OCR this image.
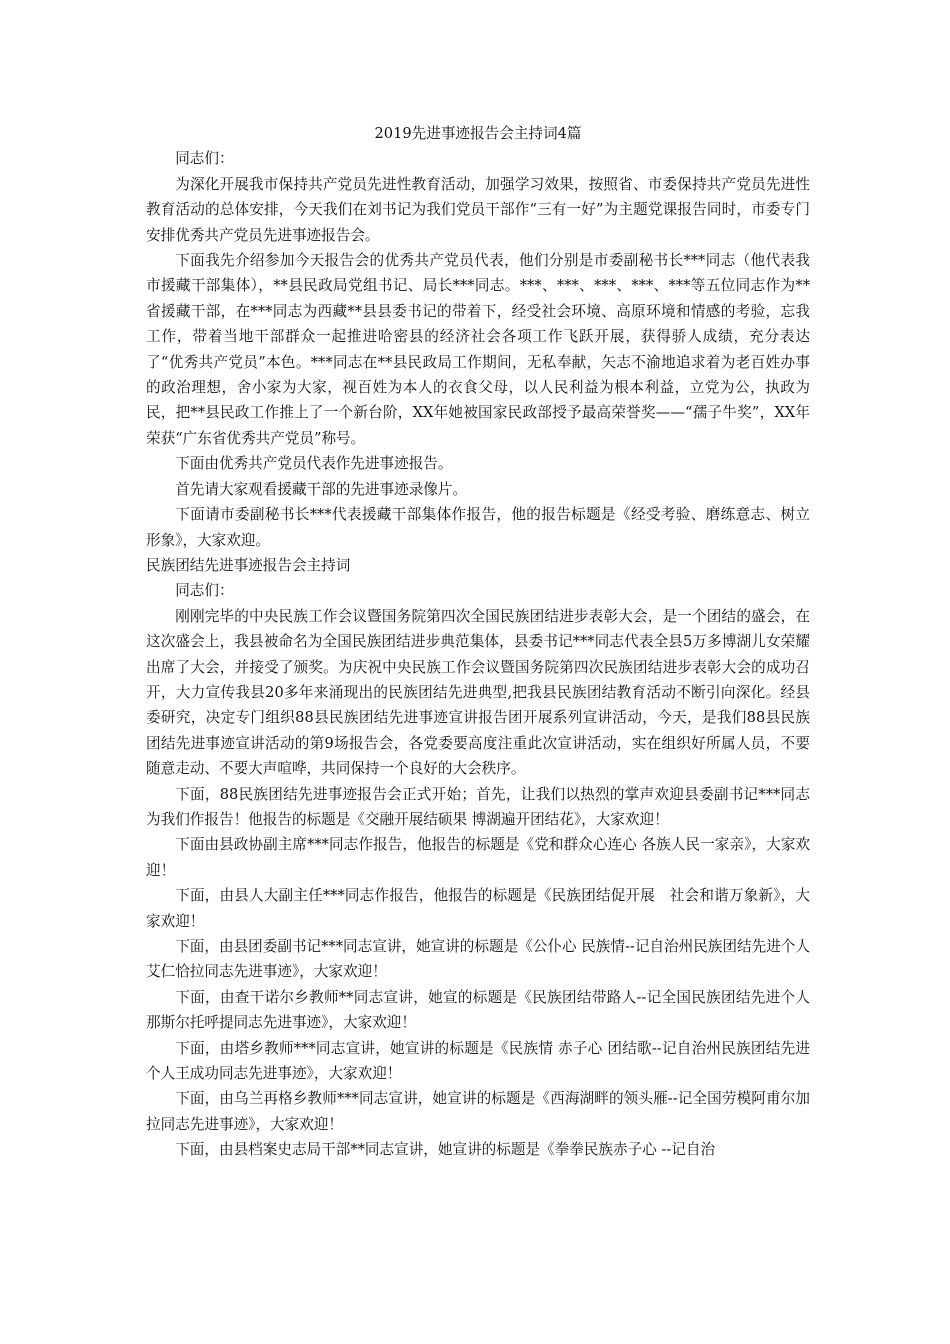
2019先进事迹报告会主持词4篇

同志们：

为深化开展我市保持共产党员先进性教育活动，加强学习效果，按照省、市委保持共产党员先进性教育活动的总体安排，今天我们在刘书记为我们党员干部作“三有一好”为主题党课报告同时，市委专门安排优秀共产党员先进事迹报告会。

下面我先介绍参加今天报告会的优秀共产党员代表，他们分别是市委副秘书长***同志（他代表我市援藏干部集体），**县民政局党组书记、局长***同志。***、***、***、***、***等五位同志作为**省援藏干部，在***同志为西藏**县县委书记的带着下，经受社会环境、高原环境和情感的考验，忘我工作，带着当地干部群众一起推进哈密县的经济社会各项工作飞跃开展，获得骄人成绩，充分表达了“优秀共产党员”本色。***同志在**县民政局工作期间，无私奉献，矢志不渝地追求着为老百姓办事的政治理想，舍小家为大家，视百姓为本人的衣食父母，以人民利益为根本利益，立党为公，执政为民，把**县民政工作推上了一个新台阶，XX年她被国家民政部授予最高荣誉奖——“孺子牛奖”，XX年荣获“广东省优秀共产党员”称号。

下面由优秀共产党员代表作先进事迹报告。

首先请大家观看援藏干部的先进事迹录像片。

下面请市委副秘书长***代表援藏干部集体作报告，他的报告标题是《经受考验、磨练意志、树立形象》，大家欢迎。

民族团结先进事迹报告会主持词

同志们：

刚刚完毕的中央民族工作会议暨国务院第四次全国民族团结进步表彰大会，是一个团结的盛会，在这次盛会上，我县被命名为全国民族团结进步典范集体，县委书记***同志代表全县5万多博湖儿女荣耀出席了大会，并接受了颁奖。为庆祝中央民族工作会议暨国务院第四次民族团结进步表彰大会的成功召开，大力宣传我县20多年来涌现出的民族团结先进典型,把我县民族团结教育活动不断引向深化。经县委研究，决定专门组织88县民族团结先进事迹宣讲报告团开展系列宣讲活动，今天，是我们88县民族团结先进事迹宣讲活动的第9场报告会，各党委要高度注重此次宣讲活动，实在组织好所属人员，不要随意走动、不要大声喧哗，共同保持一个良好的大会秩序。

下面，88民族团结先进事迹报告会正式开始；首先，让我们以热烈的掌声欢迎县委副书记***同志为我们作报告！他报告的标题是《交融开展结硕果 博湖遍开团结花》，大家欢迎！

下面由县政协副主席***同志作报告，他报告的标题是《党和群众心连心 各族人民一家亲》，大家欢迎！

下面，由县人大副主任***同志作报告，他报告的标题是《民族团结促开展　社会和谐万象新》，大家欢迎！

下面，由县团委副书记***同志宣讲，她宣讲的标题是《公仆心 民族情--记自治州民族团结先进个人艾仁恰拉同志先进事迹》，大家欢迎！

下面，由查干诺尔乡教师**同志宣讲，她宣的标题是《民族团结带路人--记全国民族团结先进个人那斯尔托呼提同志先进事迹》，大家欢迎！

下面，由塔乡教师***同志宣讲，她宣讲的标题是《民族情 赤子心 团结歌--记自治州民族团结先进个人王成功同志先进事迹》，大家欢迎！

下面，由乌兰再格乡教师***同志宣讲，她宣讲的标题是《西海湖畔的领头雁--记全国劳模阿甫尔加拉同志先进事迹》，大家欢迎！

下面，由县档案史志局干部**同志宣讲，她宣讲的标题是《拳拳民族赤子心 --记自治
